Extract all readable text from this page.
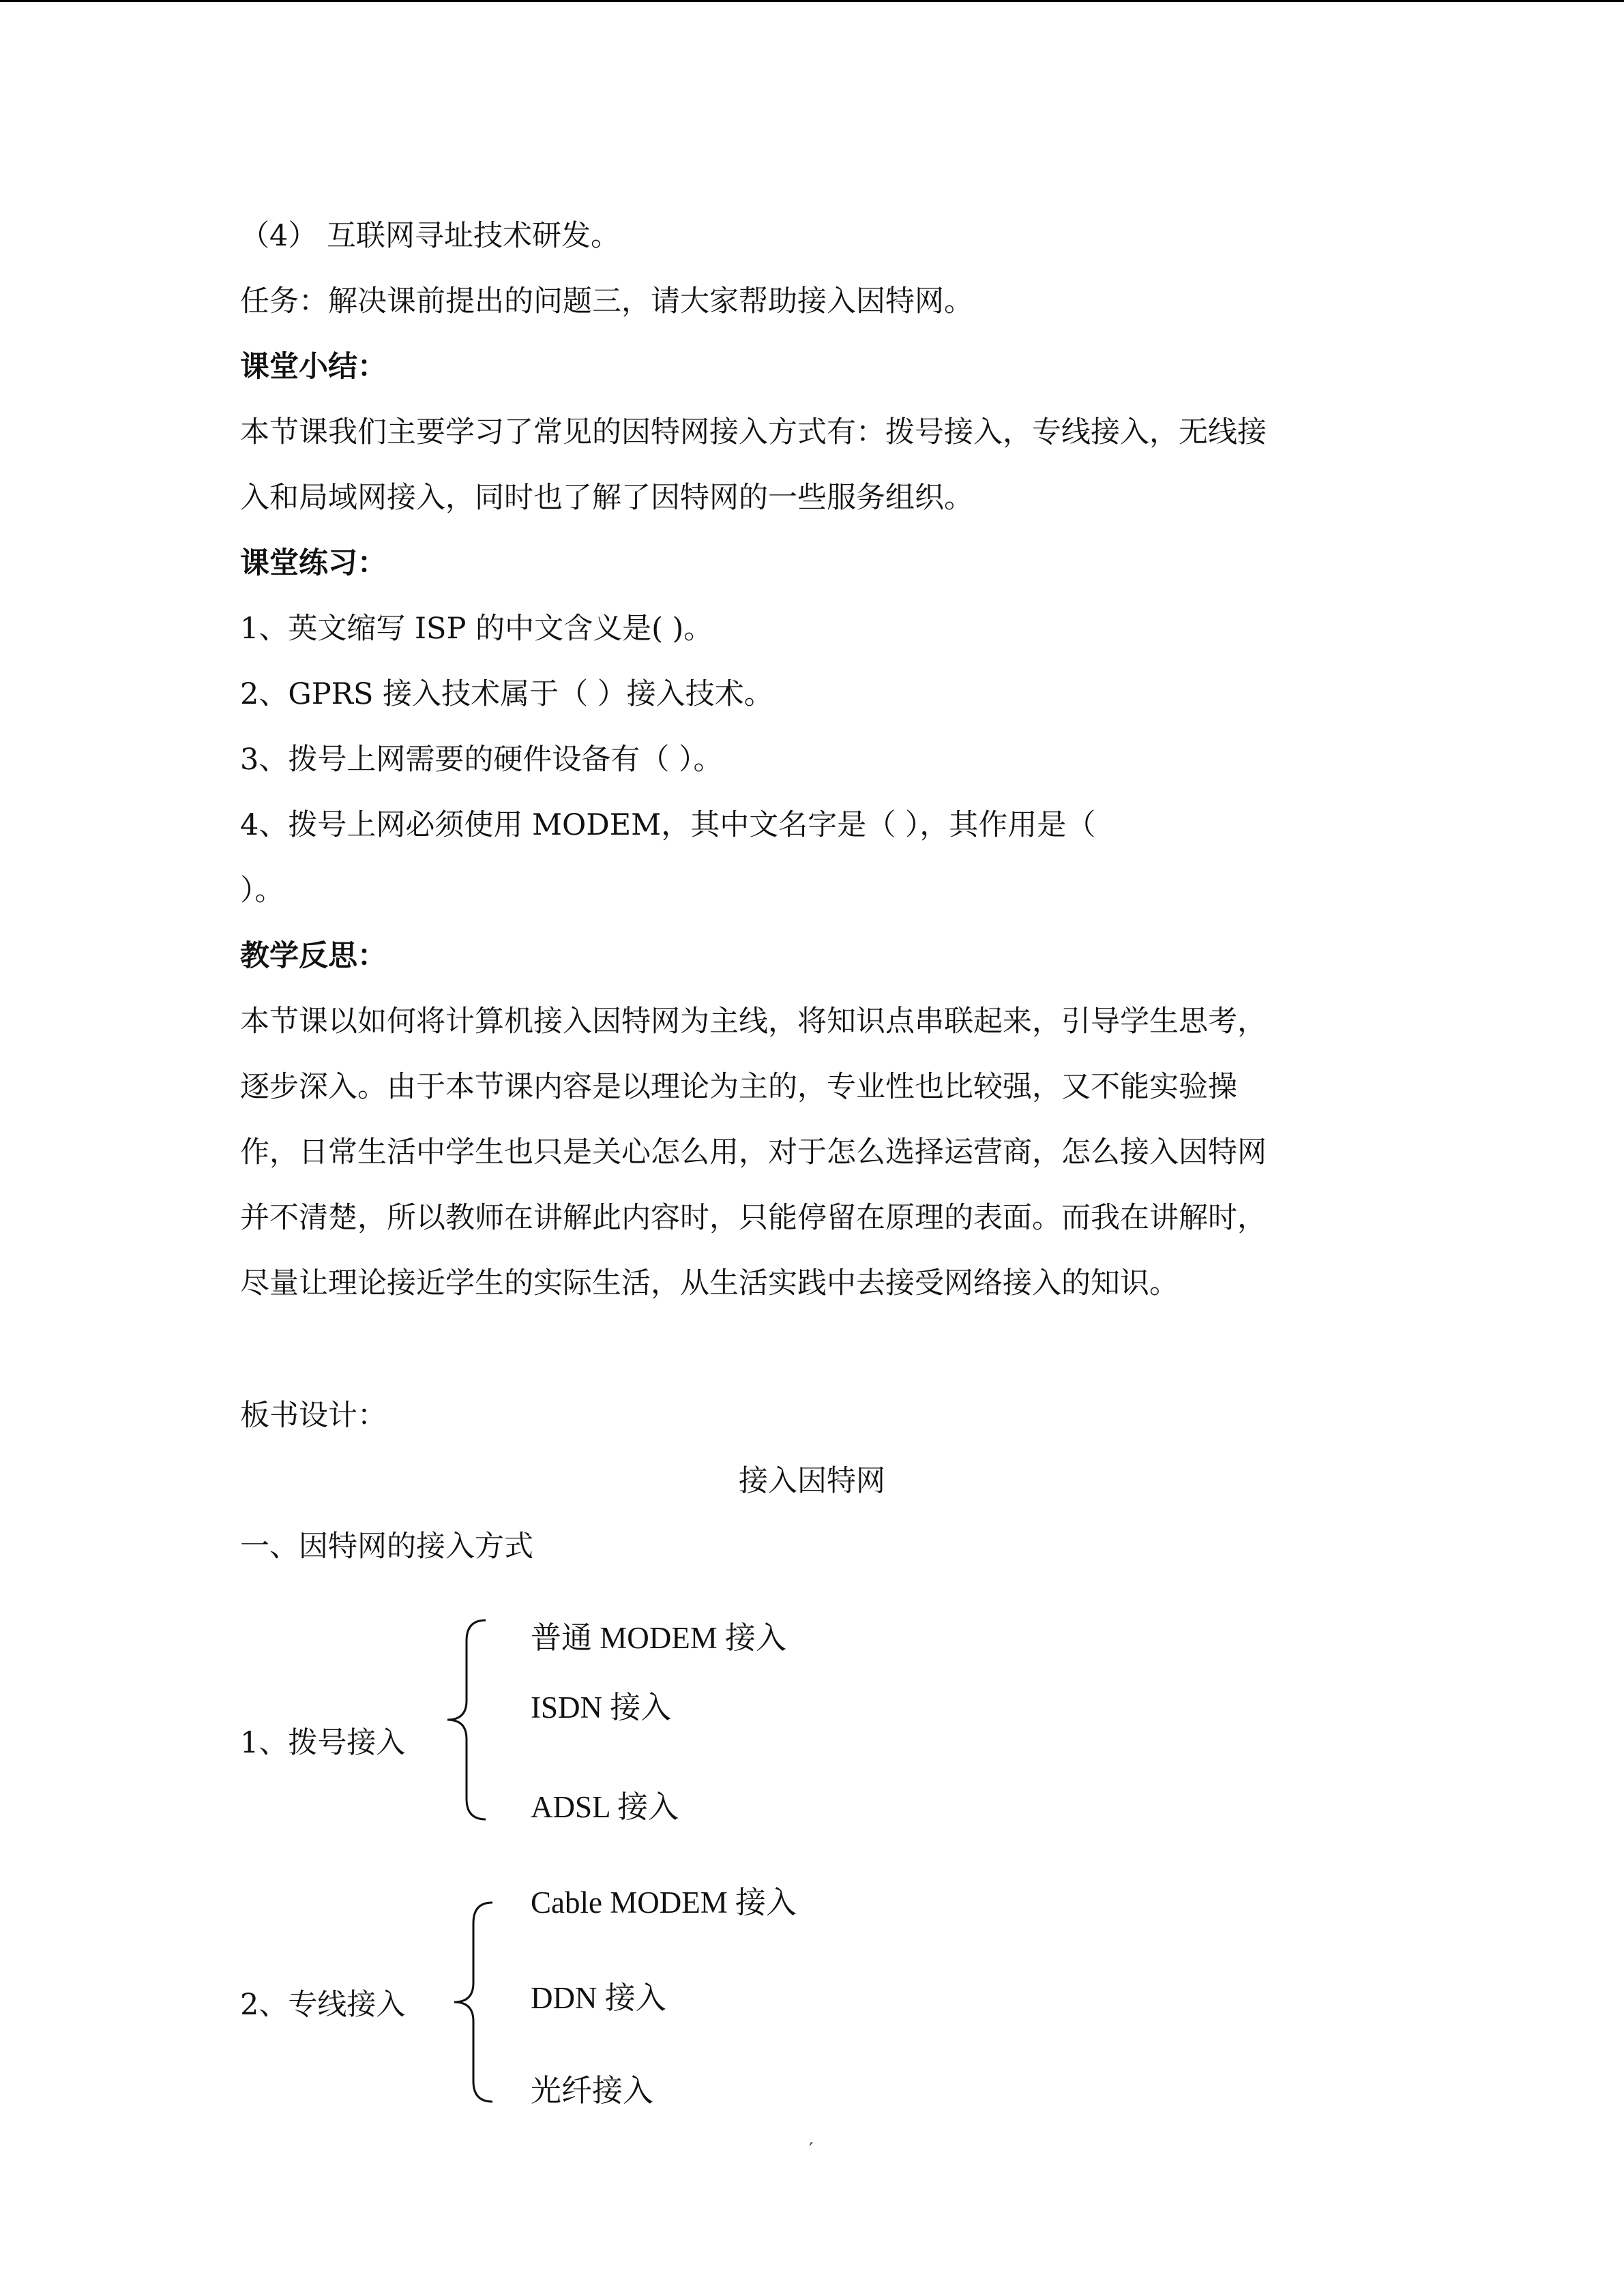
（4） 互联网寻址技术研发。
任务：解决课前提出的问题三，请大家帮助接入因特网。
课堂小结：
本节课我们主要学习了常见的因特网接入方式有：拨号接入，专线接入，无线接
入和局域网接入，同时也了解了因特网的一些服务组织。
课堂练习：
1、英文缩写 ISP 的中文含义是( )。
2、GPRS 接入技术属于（ ）接入技术。
3、拨号上网需要的硬件设备有（ ）。
4、拨号上网必须使用 MODEM，其中文名字是（ ），其作用是（
）。
教学反思：
本节课以如何将计算机接入因特网为主线，将知识点串联起来，引导学生思考，
逐步深入。由于本节课内容是以理论为主的，专业性也比较强，又不能实验操
作，日常生活中学生也只是关心怎么用，对于怎么选择运营商，怎么接入因特网
并不清楚，所以教师在讲解此内容时，只能停留在原理的表面。而我在讲解时，
尽量让理论接近学生的实际生活，从生活实践中去接受网络接入的知识。
板书设计：
接入因特网
一、因特网的接入方式
1、拨号接入
普通 MODEM 接入
ISDN 接入
ADSL 接入
2、专线接入
Cable MODEM 接入
DDN 接入
光纤接入
′
